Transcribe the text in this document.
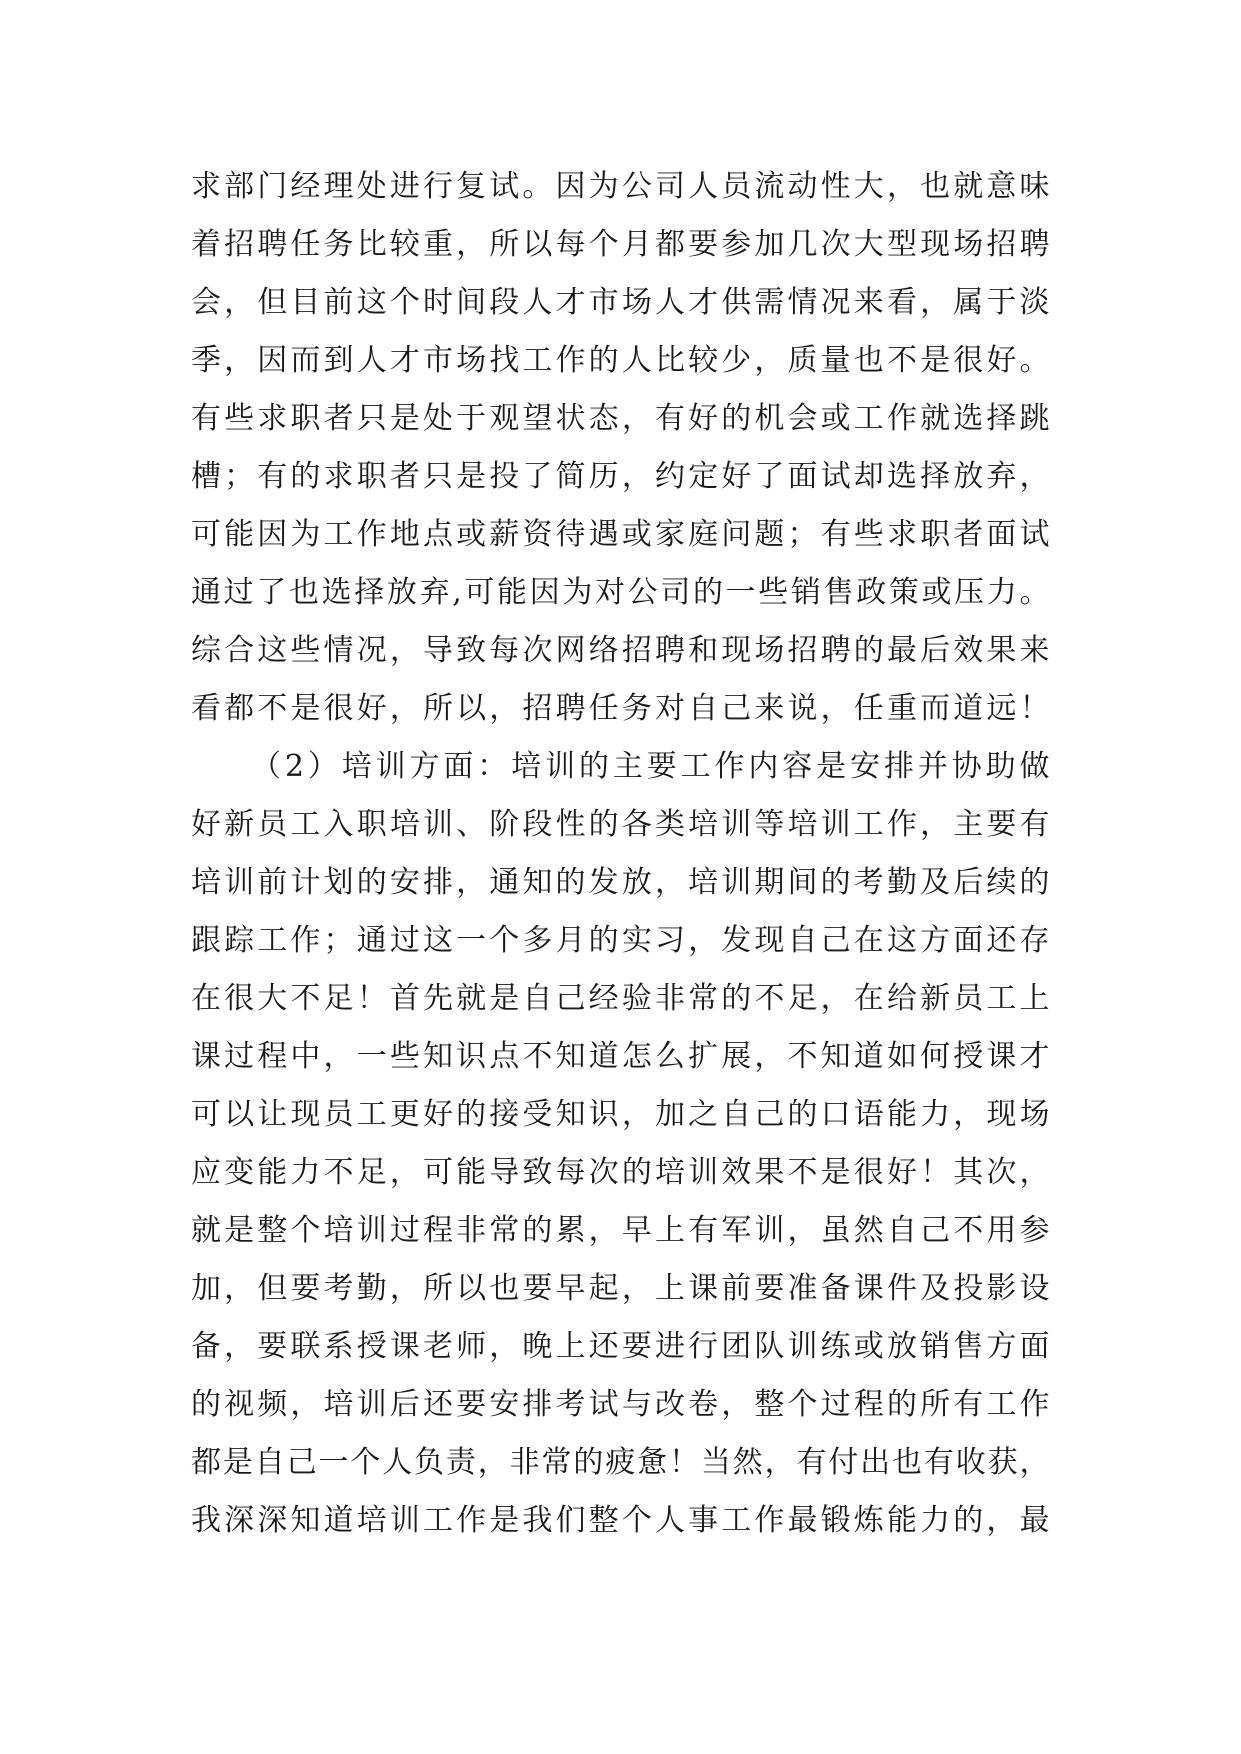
求部门经理处进行复试。因为公司人员流动性大，也就意味
着招聘任务比较重，所以每个月都要参加几次大型现场招聘
会，但目前这个时间段人才市场人才供需情况来看，属于淡
季，因而到人才市场找工作的人比较少，质量也不是很好。
有些求职者只是处于观望状态，有好的机会或工作就选择跳
槽；有的求职者只是投了简历，约定好了面试却选择放弃，
可能因为工作地点或薪资待遇或家庭问题；有些求职者面试
通过了也选择放弃,可能因为对公司的一些销售政策或压力。
综合这些情况，导致每次网络招聘和现场招聘的最后效果来
看都不是很好，所以，招聘任务对自己来说，任重而道远！
（2）培训方面：培训的主要工作内容是安排并协助做
好新员工入职培训、阶段性的各类培训等培训工作，主要有
培训前计划的安排，通知的发放，培训期间的考勤及后续的
跟踪工作；通过这一个多月的实习，发现自己在这方面还存
在很大不足！首先就是自己经验非常的不足，在给新员工上
课过程中，一些知识点不知道怎么扩展，不知道如何授课才
可以让现员工更好的接受知识，加之自己的口语能力，现场
应变能力不足，可能导致每次的培训效果不是很好！其次，
就是整个培训过程非常的累，早上有军训，虽然自己不用参
加，但要考勤，所以也要早起，上课前要准备课件及投影设
备，要联系授课老师，晚上还要进行团队训练或放销售方面
的视频，培训后还要安排考试与改卷，整个过程的所有工作
都是自己一个人负责，非常的疲惫！当然，有付出也有收获，
我深深知道培训工作是我们整个人事工作最锻炼能力的，最
